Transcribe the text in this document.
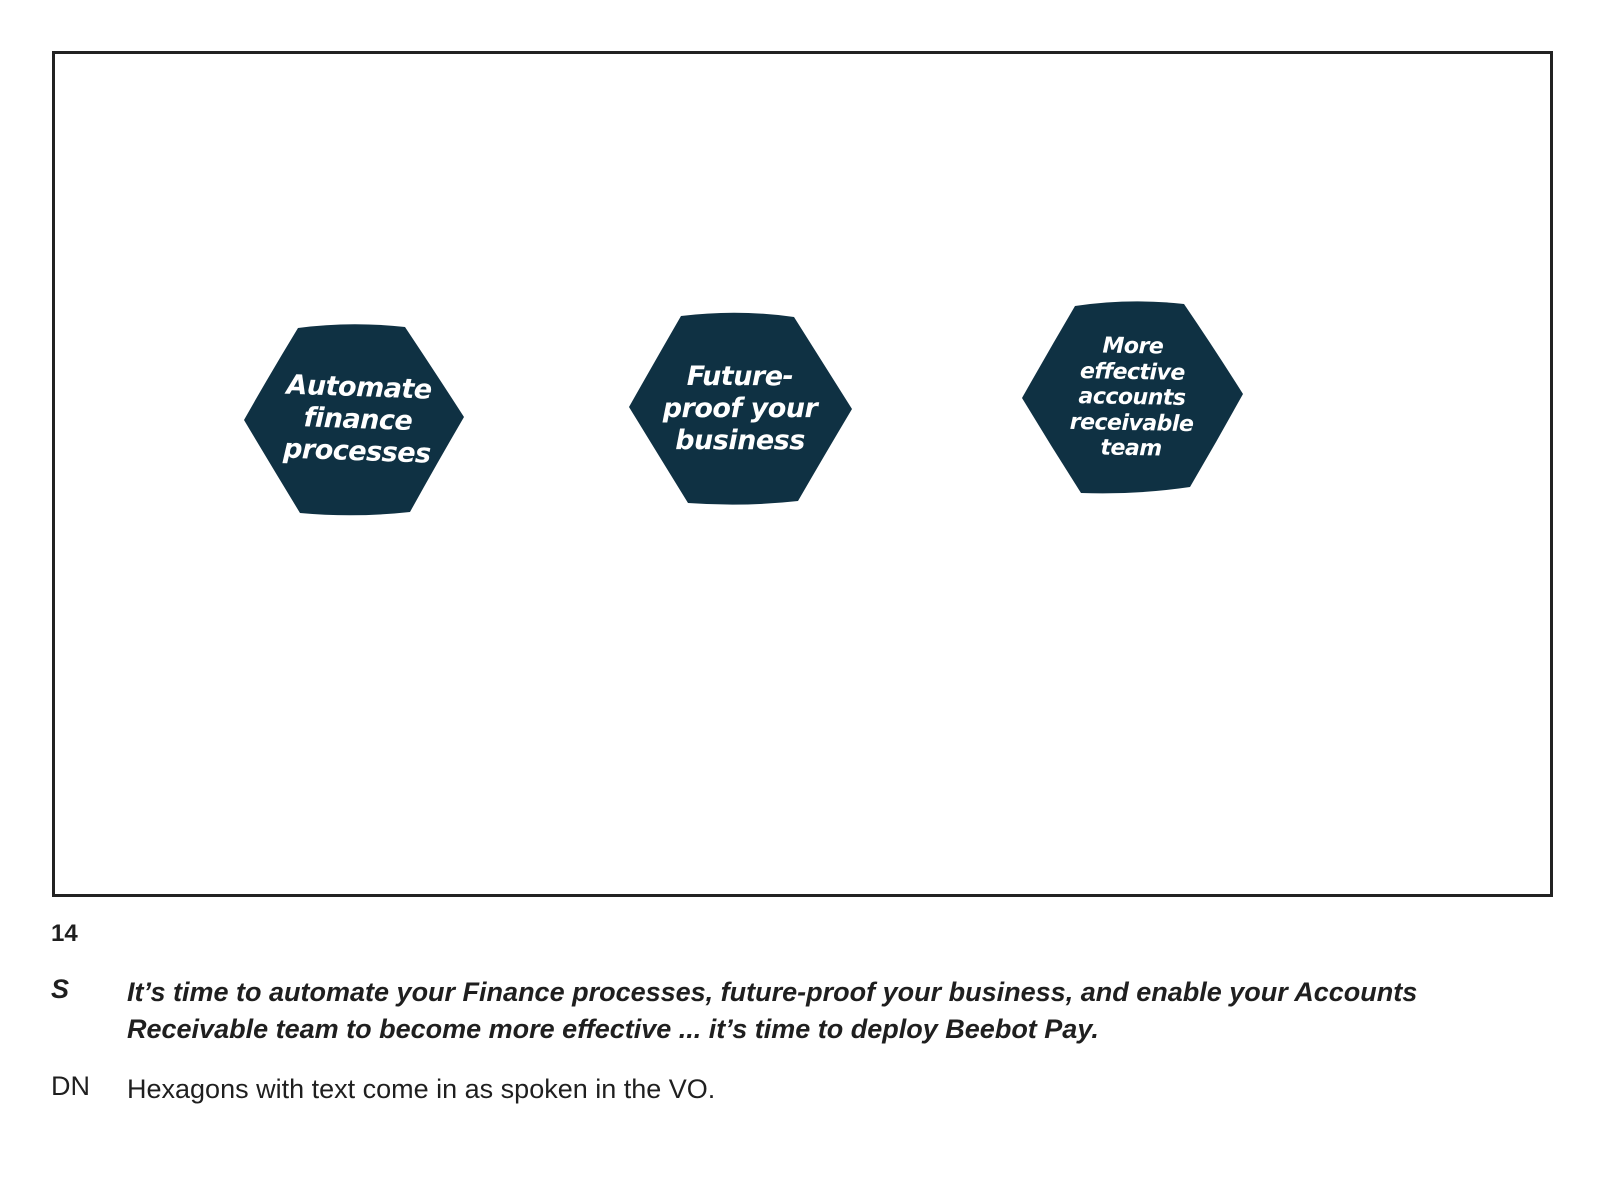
Automate
finance
processes
Future-
proof your
business
More
effective
accounts
receivable
team
14
S	It’s time to automate your Finance processes, future-proof your business, and enable your Accounts Receivable team to become more effective ... it’s time to deploy Beebot Pay.
DN	Hexagons with text come in as spoken in the VO.
